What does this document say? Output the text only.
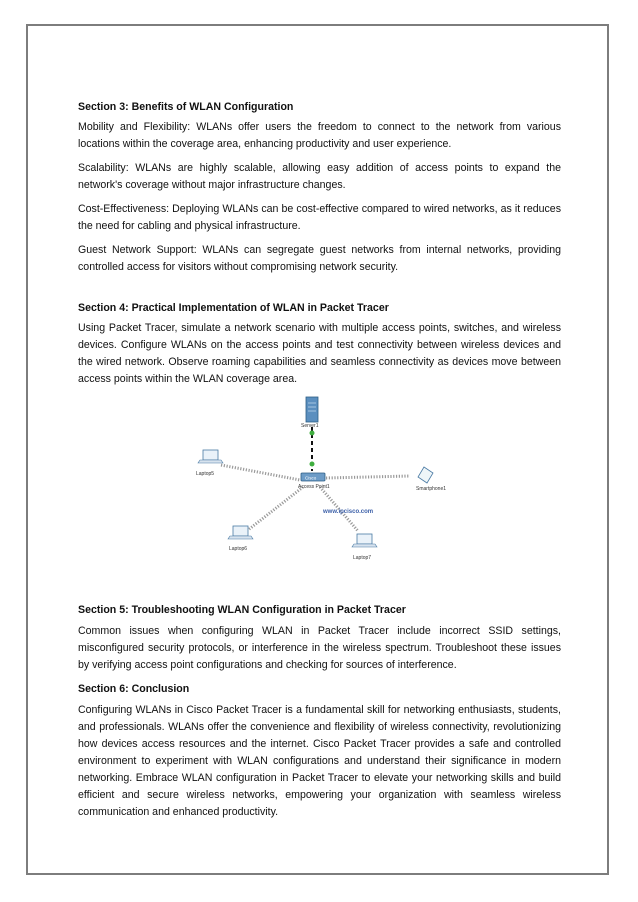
Section 3: Benefits of WLAN Configuration

Mobility and Flexibility: WLANs offer users the freedom to connect to the network from various locations within the coverage area, enhancing productivity and user experience.

Scalability: WLANs are highly scalable, allowing easy addition of access points to expand the network's coverage without major infrastructure changes.

Cost-Effectiveness: Deploying WLANs can be cost-effective compared to wired networks, as it reduces the need for cabling and physical infrastructure.

Guest Network Support: WLANs can segregate guest networks from internal networks, providing controlled access for visitors without compromising network security.

Section 4: Practical Implementation of WLAN in Packet Tracer

Using Packet Tracer, simulate a network scenario with multiple access points, switches, and wireless devices. Configure WLANs on the access points and test connectivity between wireless devices and the wired network. Observe roaming capabilities and seamless connectivity as devices move between access points within the WLAN coverage area.

Server1
Cisco
Access Point1
Laptop5
Smartphone1
Laptop6
Laptop7
www.ipcisco.com
Section 5: Troubleshooting WLAN Configuration in Packet Tracer

Common issues when configuring WLAN in Packet Tracer include incorrect SSID settings, misconfigured security protocols, or interference in the wireless spectrum. Troubleshoot these issues by verifying access point configurations and checking for sources of interference.

Section 6: Conclusion

Configuring WLANs in Cisco Packet Tracer is a fundamental skill for networking enthusiasts, students, and professionals. WLANs offer the convenience and flexibility of wireless connectivity, revolutionizing how devices access resources and the internet. Cisco Packet Tracer provides a safe and controlled environment to experiment with WLAN configurations and understand their significance in modern networking. Embrace WLAN configuration in Packet Tracer to elevate your networking skills and build efficient and secure wireless networks, empowering your organization with seamless wireless communication and enhanced productivity.
